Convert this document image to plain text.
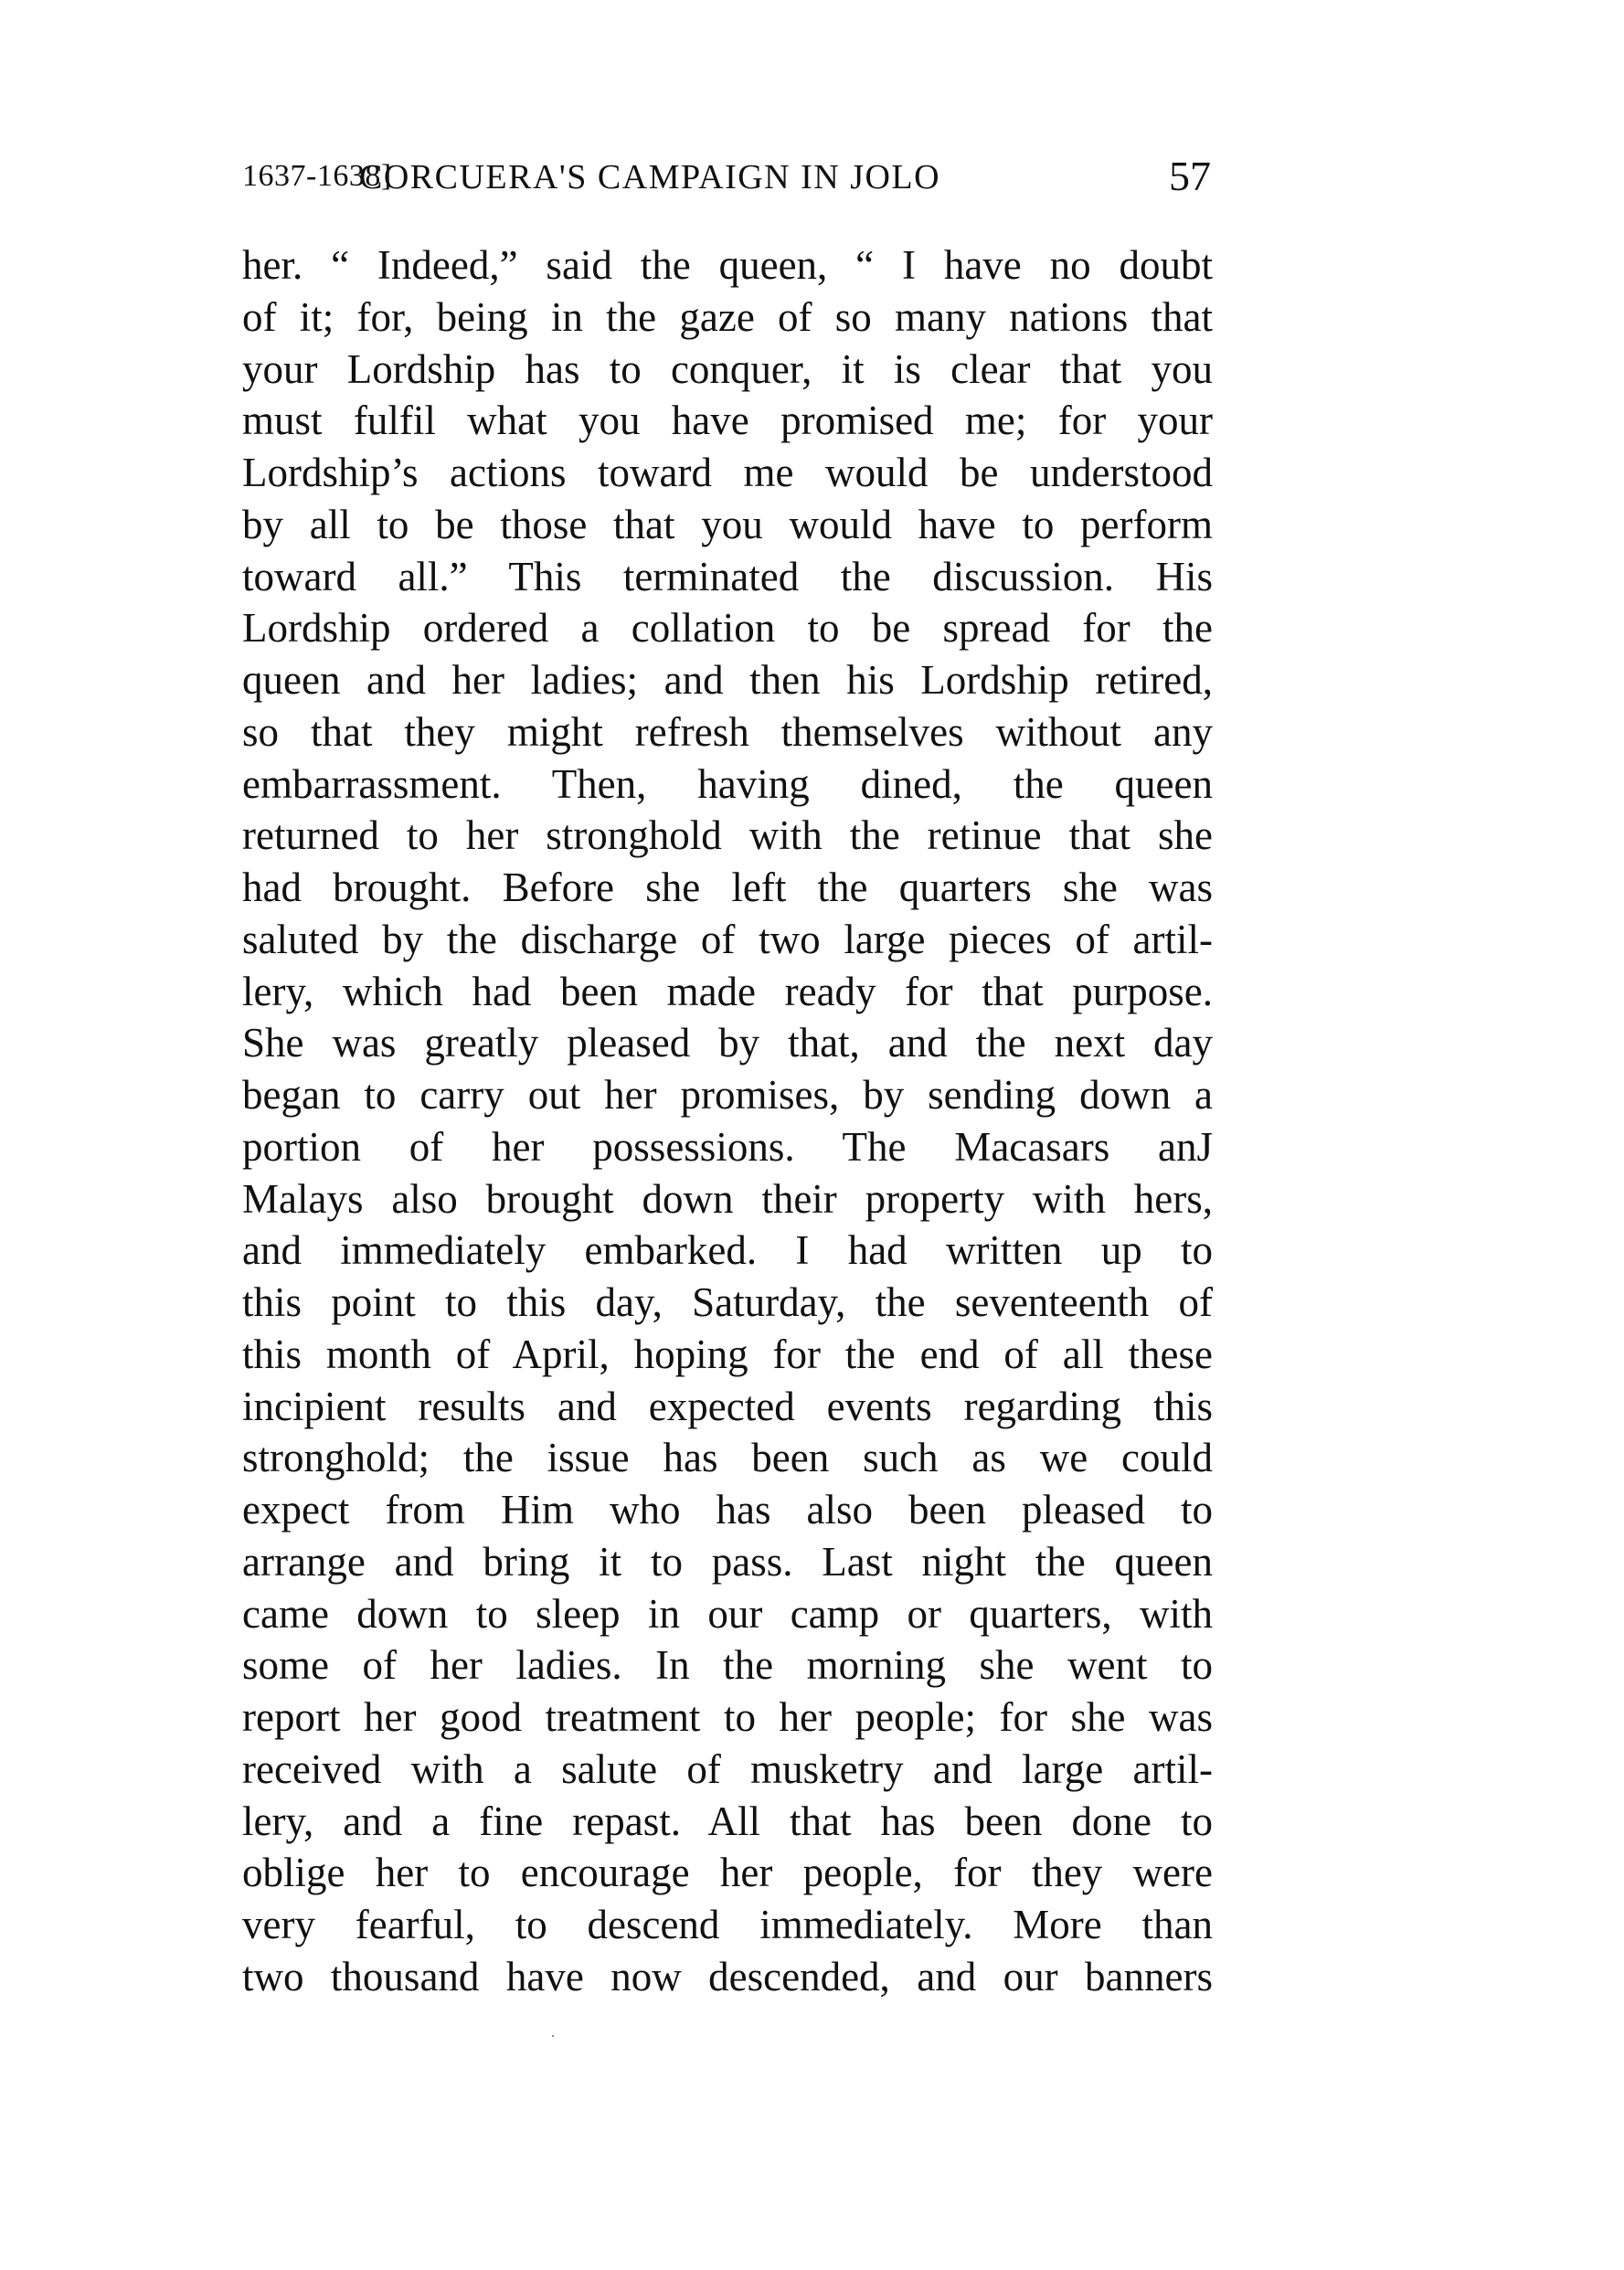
1637-1638]
CORCUERA'S CAMPAIGN IN JOLO	57
her. “ Indeed,” said the queen, “ I have no doubt
of it; for, being in the gaze of so many nations that
your Lordship has to conquer, it is clear that you
must fulfil what you have promised me; for your
Lordship’s actions toward me would be understood
by all to be those that you would have to perform
toward all.” This terminated the discussion. His
Lordship ordered a collation to be spread for the
queen and her ladies; and then his Lordship retired,
so that they might refresh themselves without any
embarrassment. Then, having dined, the queen
returned to her stronghold with the retinue that she
had brought. Before she left the quarters she was
saluted by the discharge of two large pieces of artil-
lery, which had been made ready for that purpose.
She was greatly pleased by that, and the next day
began to carry out her promises, by sending down a
portion of her possessions. The Macasars anJ
Malays also brought down their property with hers,
and immediately embarked. I had written up to
this point to this day, Saturday, the seventeenth of
this month of April, hoping for the end of all these
incipient results and expected events regarding this
stronghold; the issue has been such as we could
expect from Him who has also been pleased to
arrange and bring it to pass. Last night the queen
came down to sleep in our camp or quarters, with
some of her ladies. In the morning she went to
report her good treatment to her people; for she was
received with a salute of musketry and large artil-
lery, and a fine repast. All that has been done to
oblige her to encourage her people, for they were
very fearful, to descend immediately. More than
two thousand have now descended, and our banners
